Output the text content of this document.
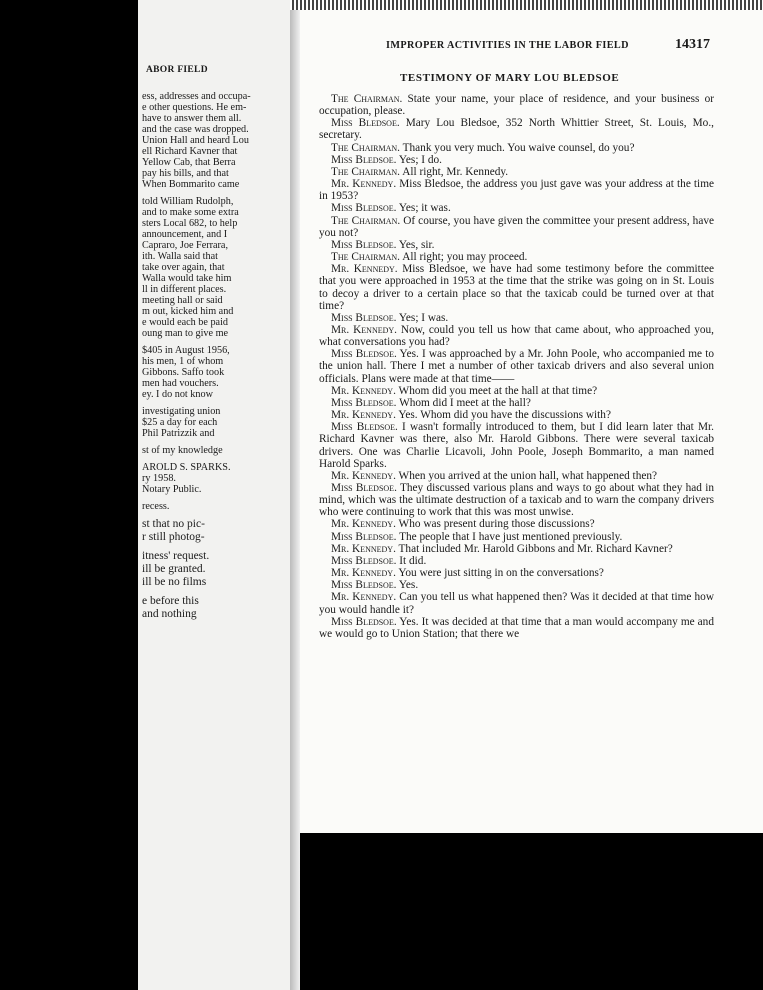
ABOR FIELD
ess, addresses and occupa-
e other questions. He em-
have to answer them all.
and the case was dropped.
Union Hall and heard Lou
ell Richard Kavner that
Yellow Cab, that Berra
pay his bills, and that
When Bommarito came
told William Rudolph,
and to make some extra
sters Local 682, to help
announcement, and I
Capraro, Joe Ferrara,
ith. Walla said that
take over again, that
Walla would take him
ll in different places.
meeting hall or said
m out, kicked him and
e would each be paid
oung man to give me
$405 in August 1956,
his men, 1 of whom
Gibbons. Saffo took
men had vouchers.
ey. I do not know
investigating union
$25 a day for each
Phil Patrizzik and
st of my knowledge
AROLD S. SPARKS.
ry 1958.
Notary Public.
recess.
st that no pic-
r still photog-
itness' request.
ill be granted.
ill be no films
e before this
and nothing
IMPROPER ACTIVITIES IN THE LABOR FIELD	14317
TESTIMONY OF MARY LOU BLEDSOE

The Chairman. State your name, your place of residence, and your business or occupation, please.

Miss Bledsoe. Mary Lou Bledsoe, 352 North Whittier Street, St. Louis, Mo., secretary.

The Chairman. Thank you very much. You waive counsel, do you?

Miss Bledsoe. Yes; I do.

The Chairman. All right, Mr. Kennedy.

Mr. Kennedy. Miss Bledsoe, the address you just gave was your address at the time in 1953?

Miss Bledsoe. Yes; it was.

The Chairman. Of course, you have given the committee your present address, have you not?

Miss Bledsoe. Yes, sir.

The Chairman. All right; you may proceed.

Mr. Kennedy. Miss Bledsoe, we have had some testimony before the committee that you were approached in 1953 at the time that the strike was going on in St. Louis to decoy a driver to a certain place so that the taxicab could be turned over at that time?

Miss Bledsoe. Yes; I was.

Mr. Kennedy. Now, could you tell us how that came about, who approached you, what conversations you had?

Miss Bledsoe. Yes. I was approached by a Mr. John Poole, who accompanied me to the union hall. There I met a number of other taxicab drivers and also several union officials. Plans were made at that time——

Mr. Kennedy. Whom did you meet at the hall at that time?

Miss Bledsoe. Whom did I meet at the hall?

Mr. Kennedy. Yes. Whom did you have the discussions with?

Miss Bledsoe. I wasn't formally introduced to them, but I did learn later that Mr. Richard Kavner was there, also Mr. Harold Gibbons. There were several taxicab drivers. One was Charlie Licavoli, John Poole, Joseph Bommarito, a man named Harold Sparks.

Mr. Kennedy. When you arrived at the union hall, what happened then?

Miss Bledsoe. They discussed various plans and ways to go about what they had in mind, which was the ultimate destruction of a taxicab and to warn the company drivers who were continuing to work that this was most unwise.

Mr. Kennedy. Who was present during those discussions?

Miss Bledsoe. The people that I have just mentioned previously.

Mr. Kennedy. That included Mr. Harold Gibbons and Mr. Richard Kavner?

Miss Bledsoe. It did.

Mr. Kennedy. You were just sitting in on the conversations?

Miss Bledsoe. Yes.

Mr. Kennedy. Can you tell us what happened then? Was it decided at that time how you would handle it?

Miss Bledsoe. Yes. It was decided at that time that a man would accompany me and we would go to Union Station; that there we
